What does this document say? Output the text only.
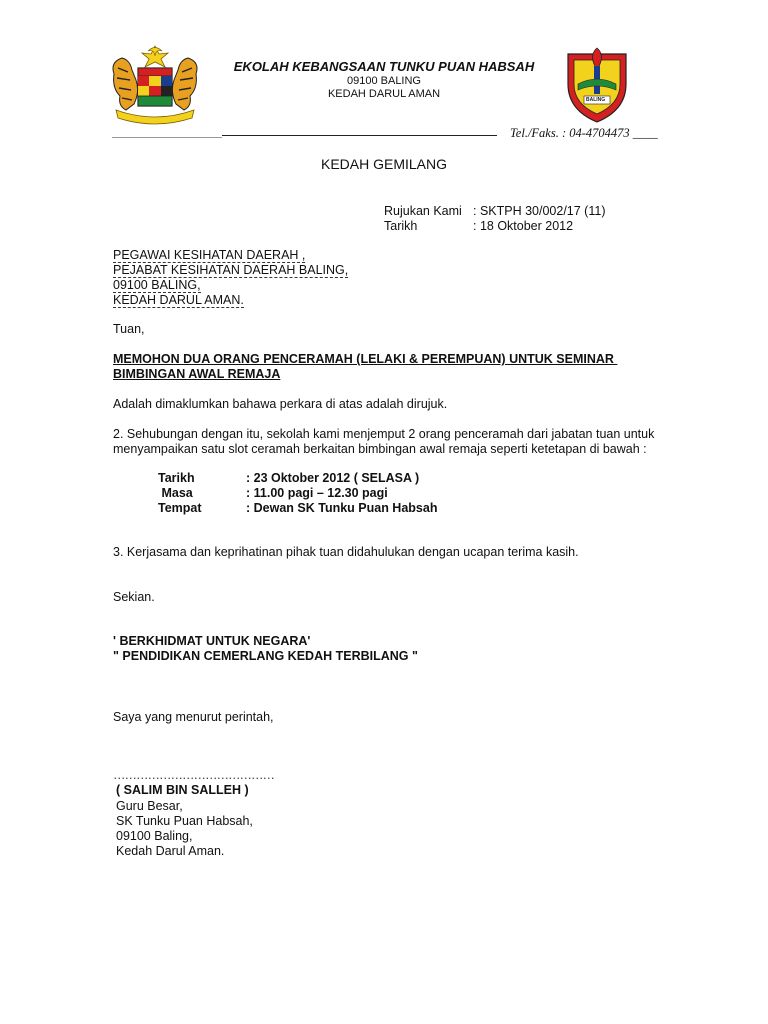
EKOLAH KEBANGSAAN TUNKU PUAN HABSAH
09100 BALING
KEDAH DARUL AMAN	BALING
Tel./Faks. : 04-4704473 ____
KEDAH GEMILANG
Rujukan Kami : SKTPH 30/002/17 (11)
Tarikh	: 18 Oktober 2012
PEGAWAI KESIHATAN DAERAH ,
PEJABAT KESIHATAN DAERAH BALING,
09100 BALING,
KEDAH DARUL AMAN.
Tuan,
MEMOHON DUA ORANG PENCERAMAH (LELAKI & PEREMPUAN) UNTUK SEMINAR
BIMBINGAN AWAL REMAJA
Adalah dimaklumkan bahawa perkara di atas adalah dirujuk.
2. Sehubungan dengan itu, sekolah kami menjemput 2 orang penceramah dari jabatan tuan untuk
menyampaikan satu slot ceramah berkaitan bimbingan awal remaja seperti ketetapan di bawah :
Tarikh	: 23 Oktober 2012 ( SELASA )
Masa	: 11.00 pagi – 12.30 pagi
Tempat	: Dewan SK Tunku Puan Habsah
3. Kerjasama dan keprihatinan pihak tuan didahulukan dengan ucapan terima kasih.
Sekian.
' BERKHIDMAT UNTUK NEGARA'
" PENDIDIKAN CEMERLANG KEDAH TERBILANG "
Saya yang menurut perintah,
……………………………………
( SALIM BIN SALLEH )
Guru Besar,
SK Tunku Puan Habsah,
09100 Baling,
Kedah Darul Aman.
